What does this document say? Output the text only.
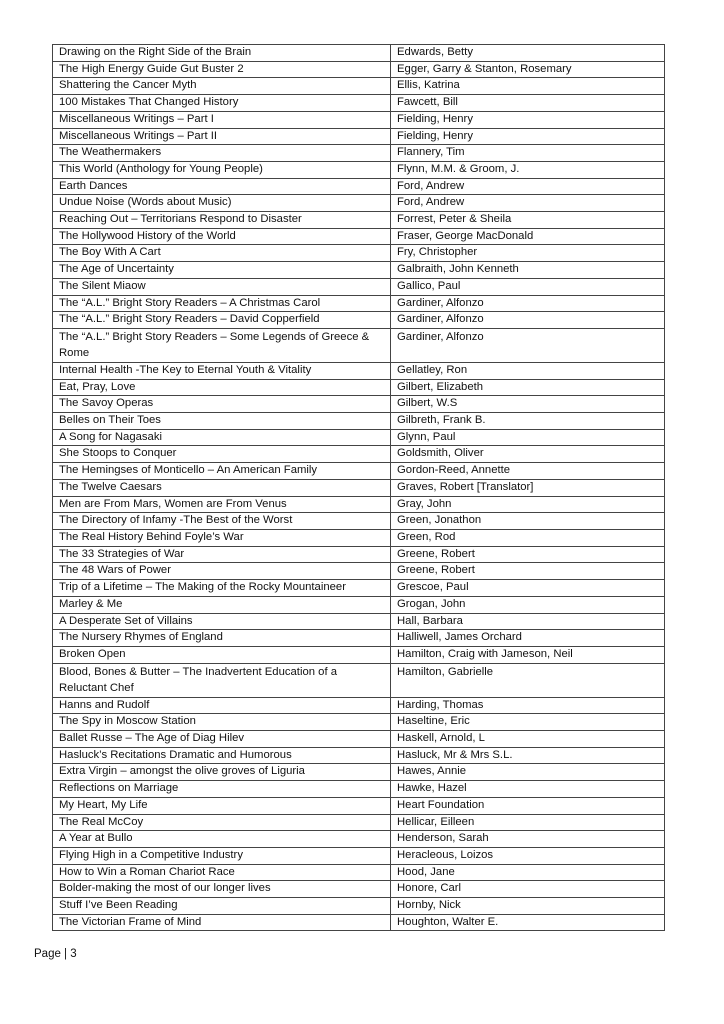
Drawing on the Right Side of the Brain	Edwards, Betty
The High Energy Guide Gut Buster 2	Egger, Garry & Stanton, Rosemary
Shattering the Cancer Myth	Ellis, Katrina
100 Mistakes That Changed History	Fawcett, Bill
Miscellaneous Writings – Part I	Fielding, Henry
Miscellaneous Writings – Part II	Fielding, Henry
The Weathermakers	Flannery, Tim
This World (Anthology for Young People)	Flynn, M.M. & Groom, J.
Earth Dances	Ford, Andrew
Undue Noise (Words about Music)	Ford, Andrew
Reaching Out – Territorians Respond to Disaster	Forrest, Peter & Sheila
The Hollywood History of the World	Fraser, George MacDonald
The Boy With A Cart	Fry, Christopher
The Age of Uncertainty	Galbraith, John Kenneth
The Silent Miaow	Gallico, Paul
The “A.L.” Bright Story Readers – A Christmas Carol	Gardiner, Alfonzo
The “A.L.” Bright Story Readers – David Copperfield	Gardiner, Alfonzo
The “A.L.” Bright Story Readers – Some Legends of Greece & Rome	Gardiner, Alfonzo
Internal Health -The Key to Eternal Youth & Vitality	Gellatley, Ron
Eat, Pray, Love	Gilbert, Elizabeth
The Savoy Operas	Gilbert, W.S
Belles on Their Toes	Gilbreth, Frank B.
A Song for Nagasaki	Glynn, Paul
She Stoops to Conquer	Goldsmith, Oliver
The Hemingses of Monticello – An American Family	Gordon-Reed, Annette
The Twelve Caesars	Graves, Robert [Translator]
Men are From Mars, Women are From Venus	Gray, John
The Directory of Infamy -The Best of the Worst	Green, Jonathon
The Real History Behind Foyle’s War	Green, Rod
The 33 Strategies of War	Greene, Robert
The 48 Wars of Power	Greene, Robert
Trip of a Lifetime – The Making of the Rocky Mountaineer	Grescoe, Paul
Marley & Me	Grogan, John
A Desperate Set of Villains	Hall, Barbara
The Nursery Rhymes of England	Halliwell, James Orchard
Broken Open	Hamilton, Craig with Jameson, Neil
Blood, Bones & Butter – The Inadvertent Education of a Reluctant Chef	Hamilton, Gabrielle
Hanns and Rudolf	Harding, Thomas
The Spy in Moscow Station	Haseltine, Eric
Ballet Russe – The Age of Diag Hilev	Haskell, Arnold, L
Hasluck’s Recitations Dramatic and Humorous	Hasluck, Mr & Mrs S.L.
Extra Virgin – amongst the olive groves of Liguria	Hawes, Annie
Reflections on Marriage	Hawke, Hazel
My Heart, My Life	Heart Foundation
The Real McCoy	Hellicar, Eilleen
A Year at Bullo	Henderson, Sarah
Flying High in a Competitive Industry	Heracleous, Loizos
How to Win a Roman Chariot Race	Hood, Jane
Bolder-making the most of our longer lives	Honore, Carl
Stuff I’ve Been Reading	Hornby, Nick
The Victorian Frame of Mind	Houghton, Walter E.
Page | 3
